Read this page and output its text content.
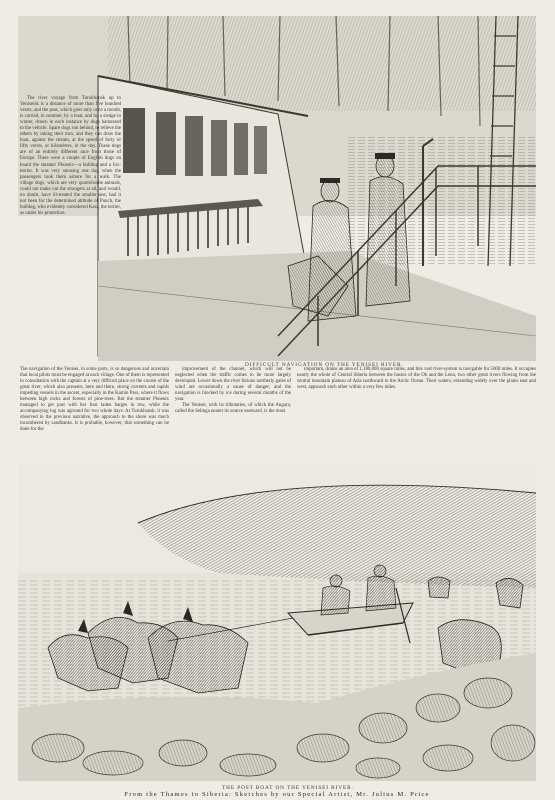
The river voyage from Turukhansk up to Yeniseisk is a distance of more than five hundred versts; and the post, which goes only once a month, is carried, in summer, by a boat, and by a sledge in winter, drawn in each instance by dogs harnessed to the vehicle. Spare dogs run behind, to relieve the others by taking their turn, and they can draw the boat, against the stream, at the speed of forty or fifty versts, or kilomètres, in the day. These dogs are of an entirely different race from those of Europe. There were a couple of English dogs on board the steamer Phoenix—a bulldog and a fox-terrier. It was very amusing one day, when the passengers took them ashore for a walk. The village dogs, which are very quarrelsome animals, could not make out the strangers at all, and would, no doubt, have ill-treated the smaller one, had it not been for the determined attitude of Punch, the bulldog, who evidently considered Kara, the terrier, as under his protection.

DIFFICULT NAVIGATION ON THE YENISEI RIVER.

The navigation of the Yenisei, in some parts, is so dangerous and uncertain that local pilots must be engaged at each village. One of them is represented in consultation with the captain at a very difficult place on the course of the great river, which also presents, here and there, strong currents and rapids impeding vessels in the ascent, especially in the Kamin Pass, where it flows between high rocks and forests of pine-trees. But the steamer Phoenix managed to get past with her four laden barges in tow, while the accompanying tug was aground for two whole days. At Turukhansk, it was observed in the previous narrative, the approach to the shore was much incumbered by sandbanks. It is probable, however, that something can be done for the

improvement of the channel, which will not be neglected when the traffic comes to be more largely developed. Lower down the river furious northerly gales of wind are occasionally a cause of danger; and the navigation is blocked by ice during several months of the year.

The Yenisei, with its tributaries, of which the Angara, called the Selinga nearer its source eastward, is the most

important, drains an area of 1,180,000 square miles, and this vast river-system is navigable for 5000 miles. It occupies nearly the whole of Central Siberia between the basins of the Ob and the Lena, two other great rivers flowing from the central mountain plateau of Asia northward to the Arctic Ocean. Their waters, extending widely over the plains east and west, approach each other within a very few miles.

THE POST BOAT ON THE YENISEI RIVER.
From the Thames to Siberia: Sketches by our Special Artist, Mr. Julius M. Price
